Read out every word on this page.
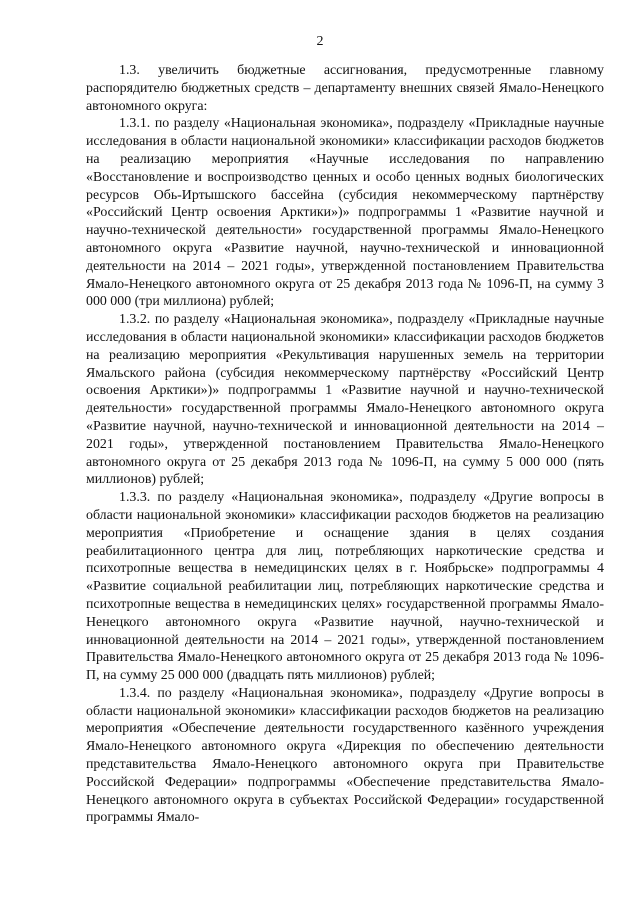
2

1.3. увеличить бюджетные ассигнования, предусмотренные главному распорядителю бюджетных средств – департаменту внешних связей Ямало-Ненецкого автономного округа:

1.3.1. по разделу «Национальная экономика», подразделу «Прикладные научные исследования в области национальной экономики» классификации расходов бюджетов на реализацию мероприятия «Научные исследования по направлению «Восстановление и воспроизводство ценных и особо ценных водных биологических ресурсов Обь-Иртышского бассейна (субсидия некоммерческому партнёрству «Российский Центр освоения Арктики»)» подпрограммы 1 «Развитие научной и научно-технической деятельности» государственной программы Ямало-Ненецкого автономного округа «Развитие научной, научно-технической и инновационной деятельности на 2014 – 2021 годы», утвержденной постановлением Правительства Ямало-Ненецкого автономного округа от 25 декабря 2013 года № 1096-П, на сумму 3 000 000 (три миллиона) рублей;

1.3.2. по разделу «Национальная экономика», подразделу «Прикладные научные исследования в области национальной экономики» классификации расходов бюджетов на реализацию мероприятия «Рекультивация нарушенных земель на территории Ямальского района (субсидия некоммерческому партнёрству «Российский Центр освоения Арктики»)» подпрограммы 1 «Развитие научной и научно-технической деятельности» государственной программы Ямало-Ненецкого автономного округа «Развитие научной, научно-технической и инновационной деятельности на 2014 – 2021 годы», утвержденной постановлением Правительства Ямало-Ненецкого автономного округа от 25 декабря 2013 года № 1096-П, на сумму 5 000 000 (пять миллионов) рублей;

1.3.3. по разделу «Национальная экономика», подразделу «Другие вопросы в области национальной экономики» классификации расходов бюджетов на реализацию мероприятия «Приобретение и оснащение здания в целях создания реабилитационного центра для лиц, потребляющих наркотические средства и психотропные вещества в немедицинских целях в г. Ноябрьске» подпрограммы 4 «Развитие социальной реабилитации лиц, потребляющих наркотические средства и психотропные вещества в немедицинских целях» государственной программы Ямало-Ненецкого автономного округа «Развитие научной, научно-технической и инновационной деятельности на 2014 – 2021 годы», утвержденной постановлением Правительства Ямало-Ненецкого автономного округа от 25 декабря 2013 года № 1096-П, на сумму 25 000 000 (двадцать пять миллионов) рублей;

1.3.4. по разделу «Национальная экономика», подразделу «Другие вопросы в области национальной экономики» классификации расходов бюджетов на реализацию мероприятия «Обеспечение деятельности государственного казённого учреждения Ямало-Ненецкого автономного округа «Дирекция по обеспечению деятельности представительства Ямало-Ненецкого автономного округа при Правительстве Российской Федерации» подпрограммы «Обеспечение представительства Ямало-Ненецкого автономного округа в субъектах Российской Федерации» государственной программы Ямало-
